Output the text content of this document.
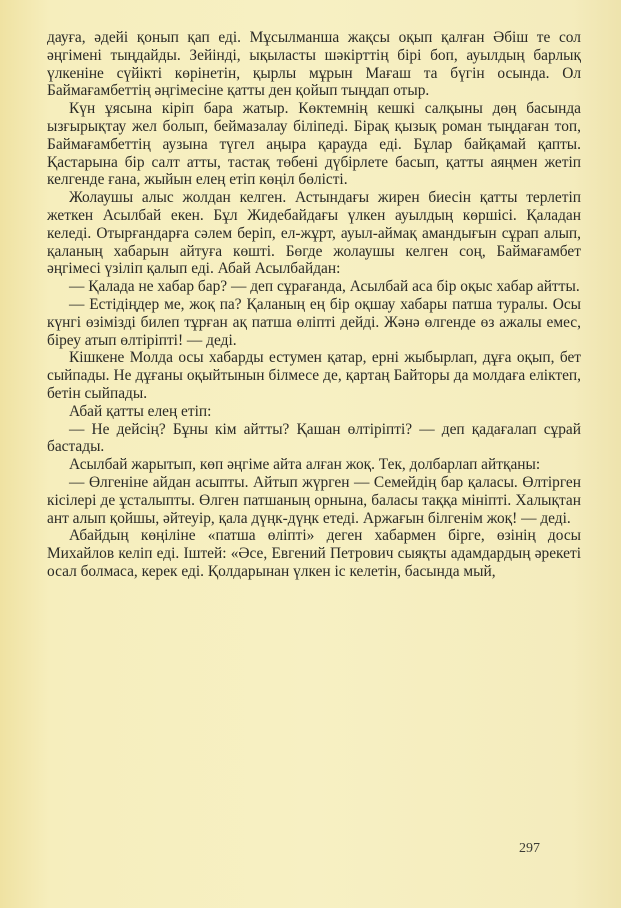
дауға, әдейі қонып қап еді. Мұсылманша жақсы оқып қалған Әбіш те сол әңгімені тыңдайды. Зейінді, ықыласты шәкірттің бірі боп, ауылдың барлық үлкеніне сүйікті көрінетін, қырлы мұрын Мағаш та бүгін осында. Ол Баймағамбеттің әңгімесіне қатты ден қойып тыңдап отыр.

Күн ұясына кіріп бара жатыр. Көктемнің кешкі салқыны дөң басында ызғырықтау жел болып, беймазалау біліпеді. Бірақ қызық роман тыңдаған топ, Баймағамбеттің аузына түгел аңыра қарауда еді. Бұлар байқамай қапты. Қастарына бір салт атты, тастақ төбені дүбірлете басып, қатты аяңмен жетіп келгенде ғана, жыйын елең етіп көңіл бөлісті.

Жолаушы алыс жолдан келген. Астындағы жирен биесін қатты терлетіп жеткен Асылбай екен. Бұл Жидебайдағы үлкен ауылдың көршісі. Қаладан келеді. Отырғандарға сәлем беріп, ел-жұрт, ауыл-аймақ амандығын сұрап алып, қаланың хабарын айтуға көшті. Бөгде жолаушы келген соң, Баймағамбет әңгімесі үзіліп қалып еді. Абай Асылбайдан:

— Қалада не хабар бар? — деп сұрағанда, Асылбай аса бір оқыс хабар айтты.

— Естідіңдер ме, жоқ па? Қаланың ең бір оқшау хабары патша туралы. Осы күнгі өзімізді билеп тұрған ақ патша өліпті дейді. Жәнә өлгенде өз ажалы емес, біреу атып өлтіріпті! — деді.

Кішкене Молда осы хабарды естумен қатар, ерні жыбырлап, дұға оқып, бет сыйпады. Не дұғаны оқыйтынын білмесе де, қартаң Байторы да молдаға еліктеп, бетін сыйпады.

Абай қатты елең етіп:

— Не дейсің? Бұны кім айтты? Қашан өлтіріпті? — деп қадағалап сұрай бастады.

Асылбай жарытып, көп әңгіме айта алған жоқ. Тек, долбарлап айтқаны:

— Өлгеніне айдан асыпты. Айтып жүрген — Семейдің бар қаласы. Өлтірген кісілері де ұсталыпты. Өлген патшаның орнына, баласы таққа мініпті. Халықтан ант алып қойшы, әйтеуір, қала дүңк-дүңк етеді. Аржағын білгенім жоқ! — деді.

Абайдың көңіліне «патша өліпті» деген хабармен бірге, өзінің досы Михайлов келіп еді. Іштей: «Әсе, Евгений Петрович сыяқты адамдардың әрекеті осал болмаса, керек еді. Қолдарынан үлкен іс келетін, басында мый,

297
